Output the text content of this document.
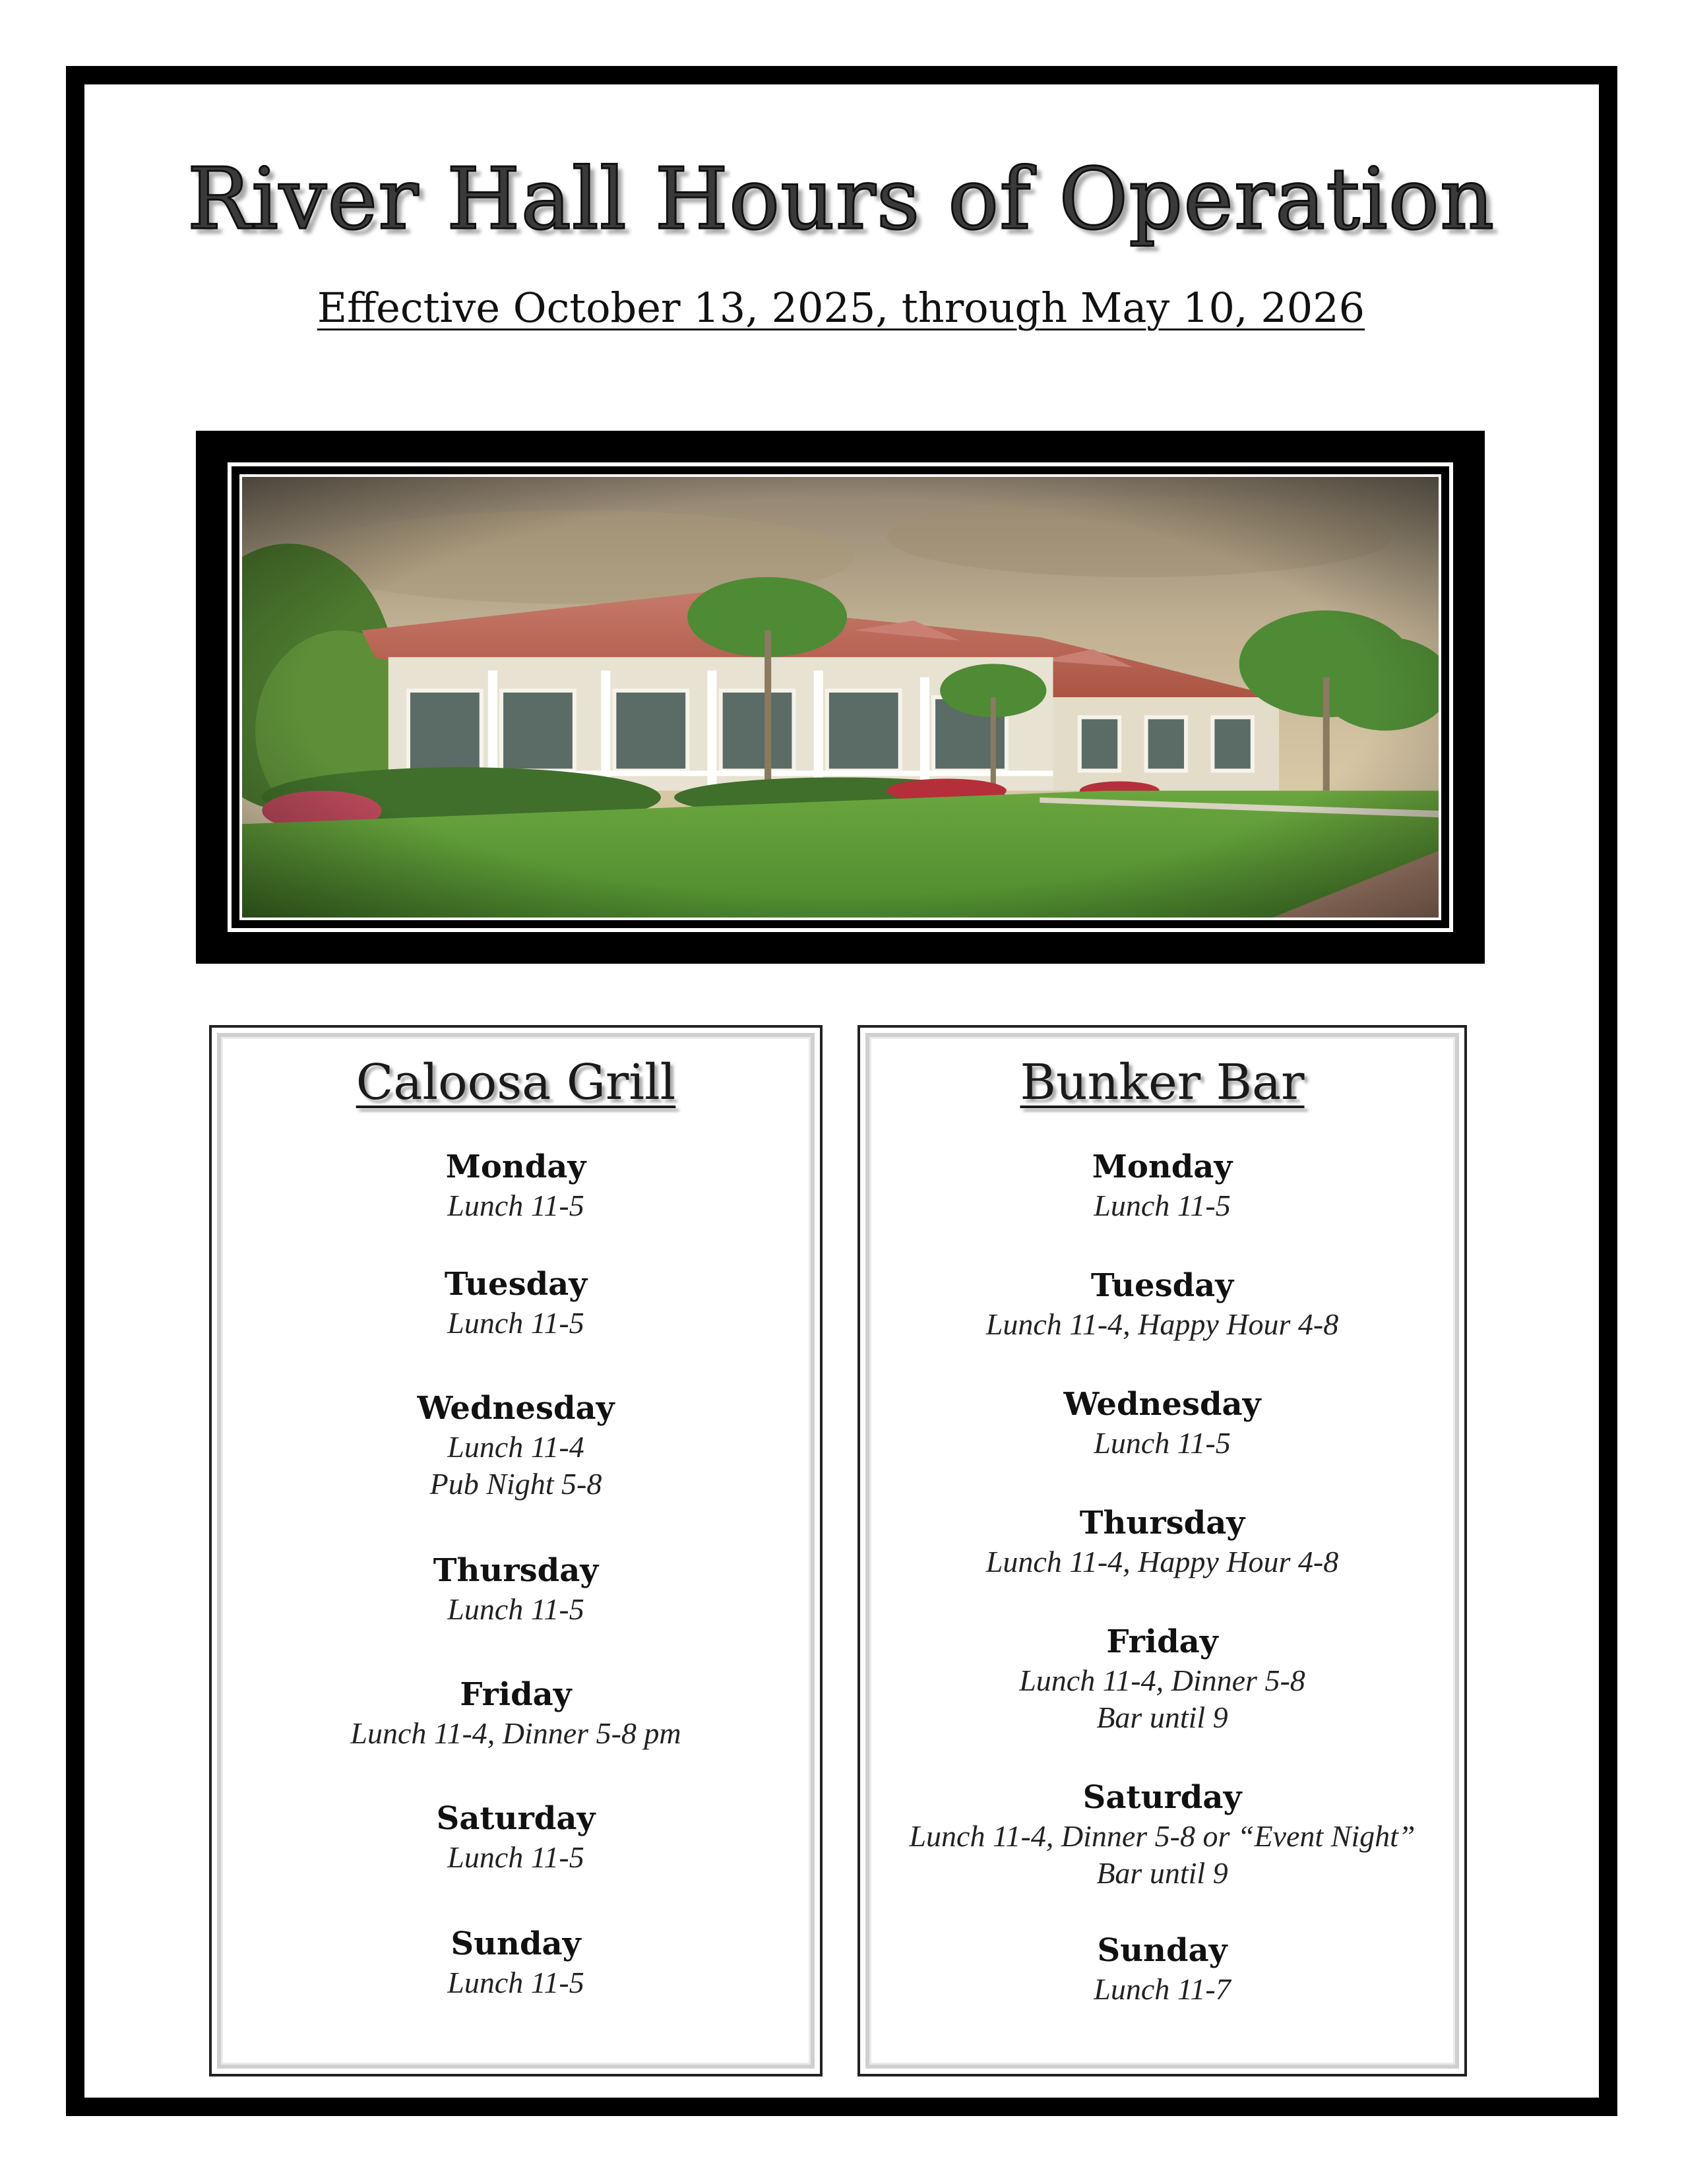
River Hall Hours of Operation

Effective October 13, 2025, through May 10, 2026

Caloosa Grill
Monday
Lunch 11-5
Tuesday
Lunch 11-5
Wednesday
Lunch 11-4
Pub Night 5-8
Thursday
Lunch 11-5
Friday
Lunch 11-4, Dinner 5-8 pm
Saturday
Lunch 11-5
Sunday
Lunch 11-5
Bunker Bar
Monday
Lunch 11-5
Tuesday
Lunch 11-4, Happy Hour 4-8
Wednesday
Lunch 11-5
Thursday
Lunch 11-4, Happy Hour 4-8
Friday
Lunch 11-4, Dinner 5-8
Bar until 9
Saturday
Lunch 11-4, Dinner 5-8 or “Event Night”
Bar until 9
Sunday
Lunch 11-7
